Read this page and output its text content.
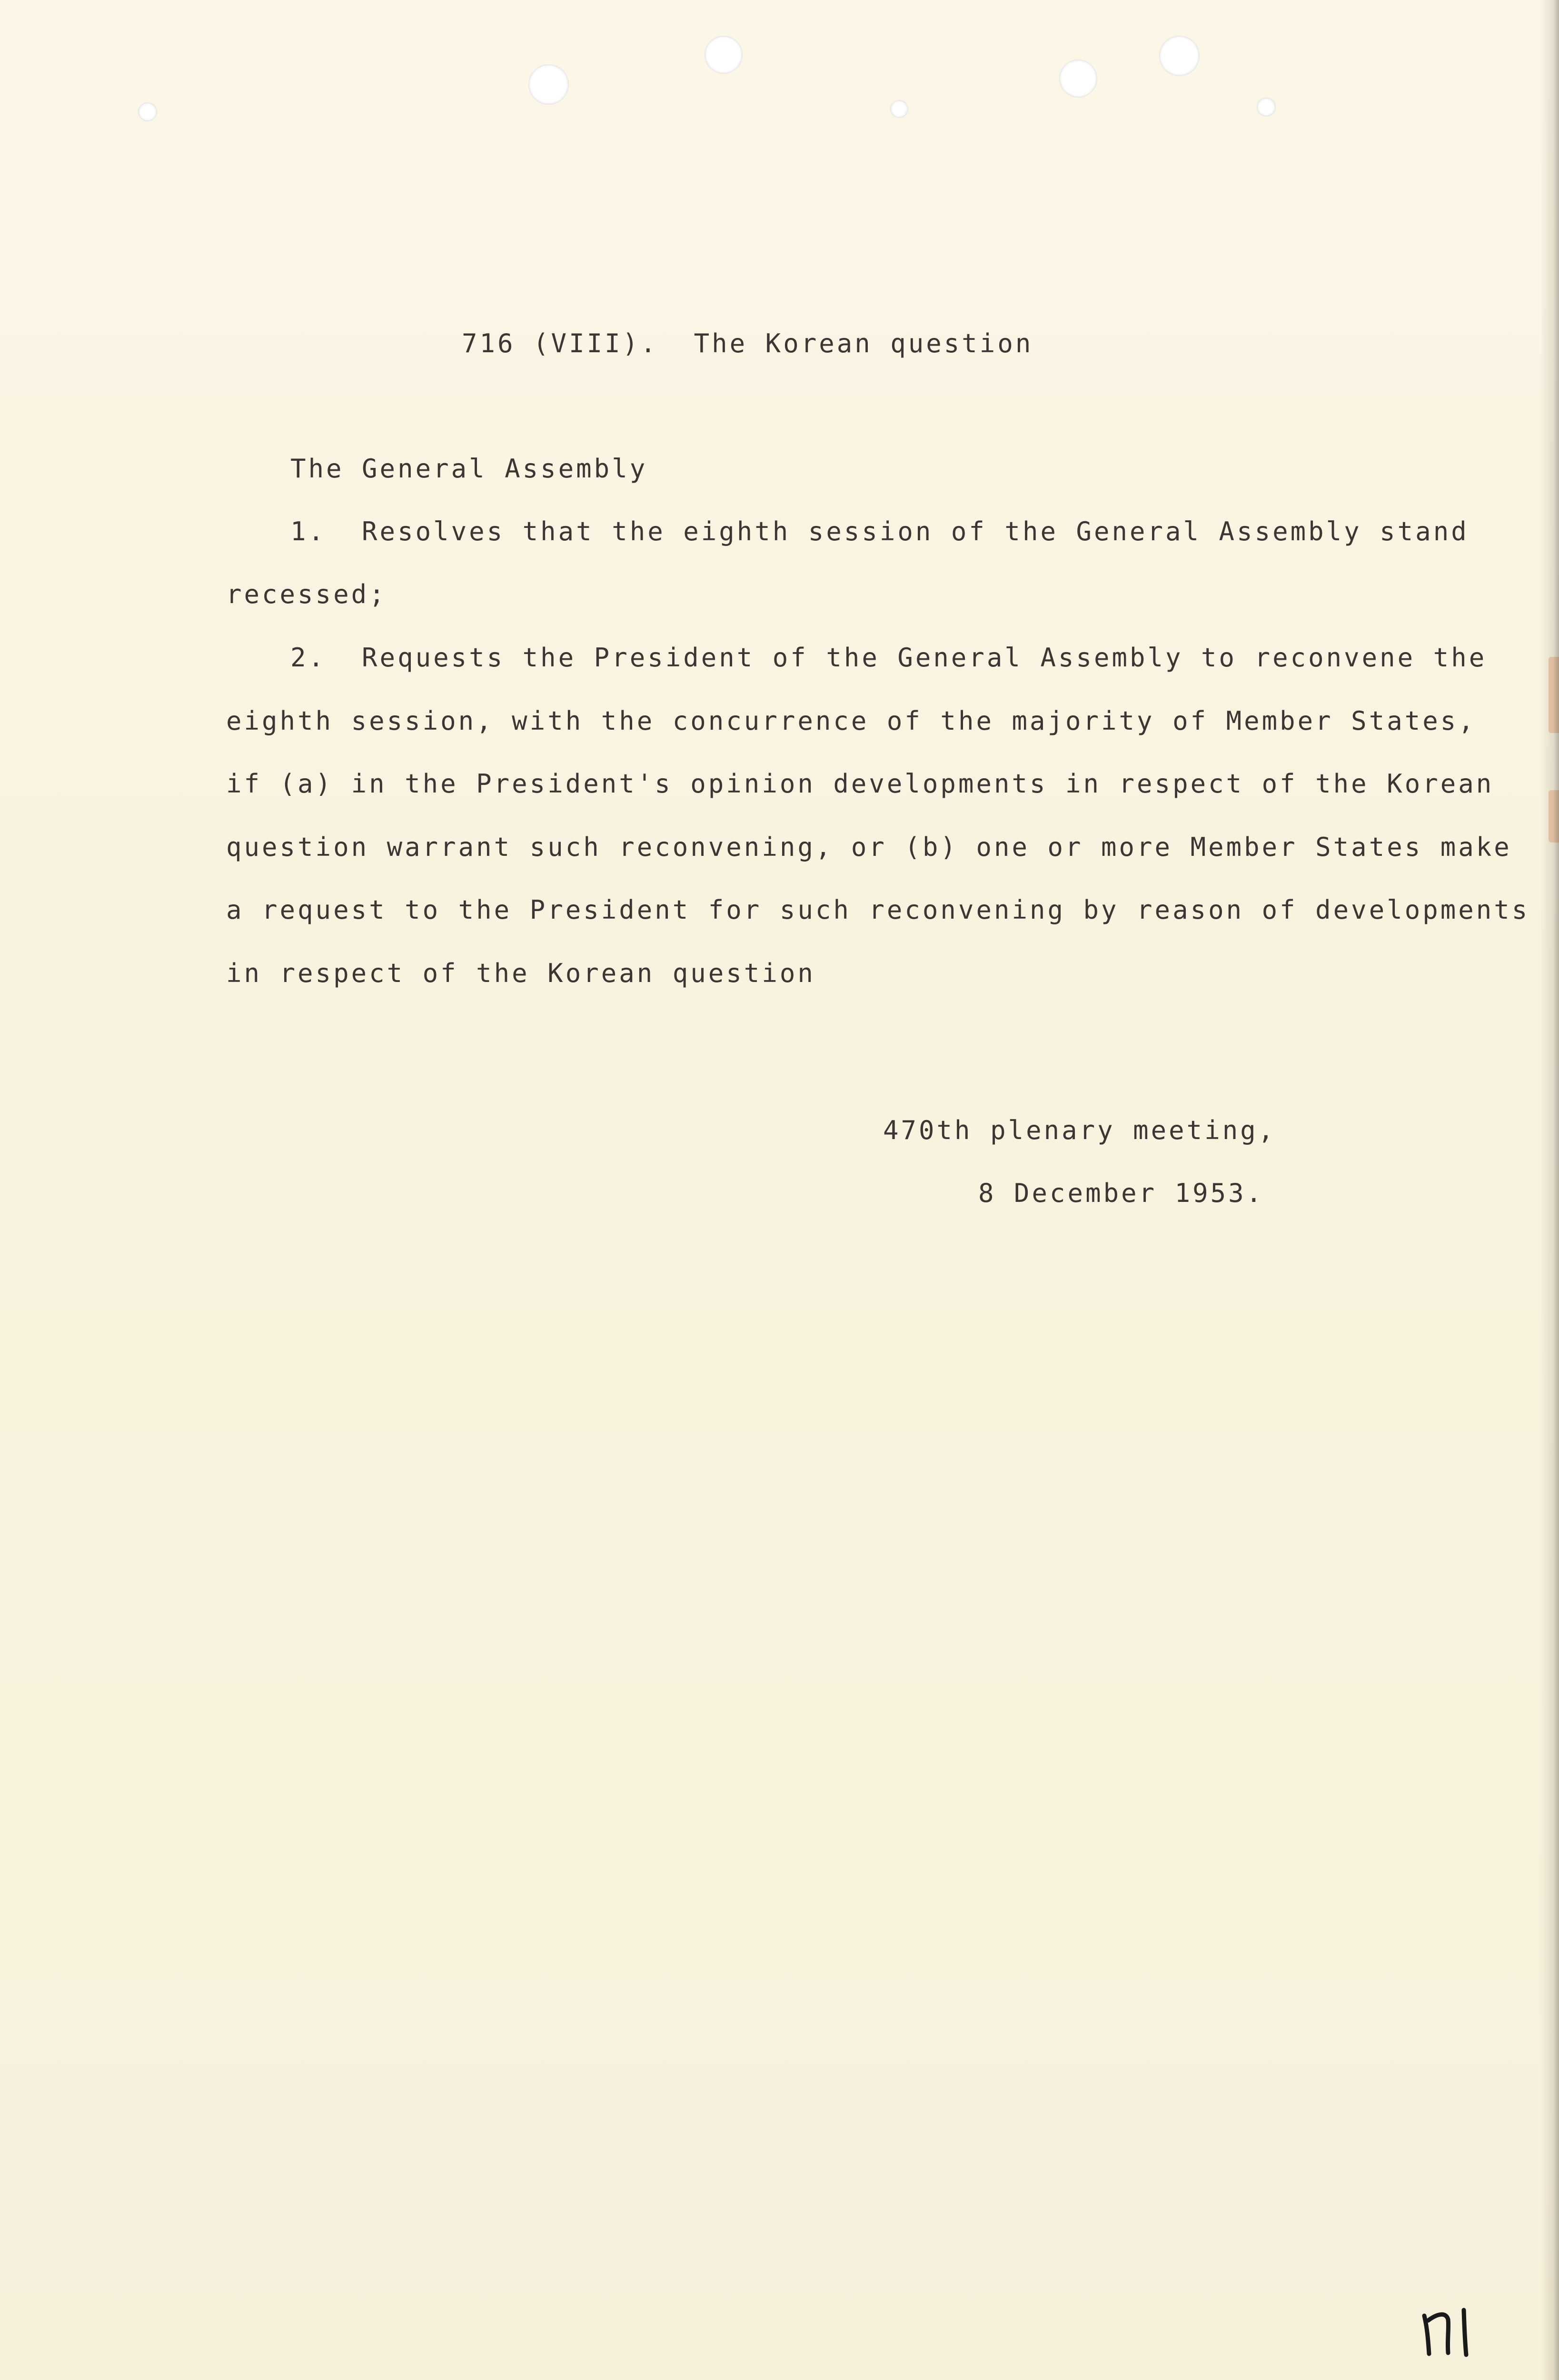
716 (VIII).  The Korean question
The General Assembly
1.  Resolves that the eighth session of the General Assembly stand
recessed;
2.  Requests the President of the General Assembly to reconvene the
eighth session, with the concurrence of the majority of Member States,
if (a) in the President's opinion developments in respect of the Korean
question warrant such reconvening, or (b) one or more Member States make
a request to the President for such reconvening by reason of developments
in respect of the Korean question
470th plenary meeting,
8 December 1953.
